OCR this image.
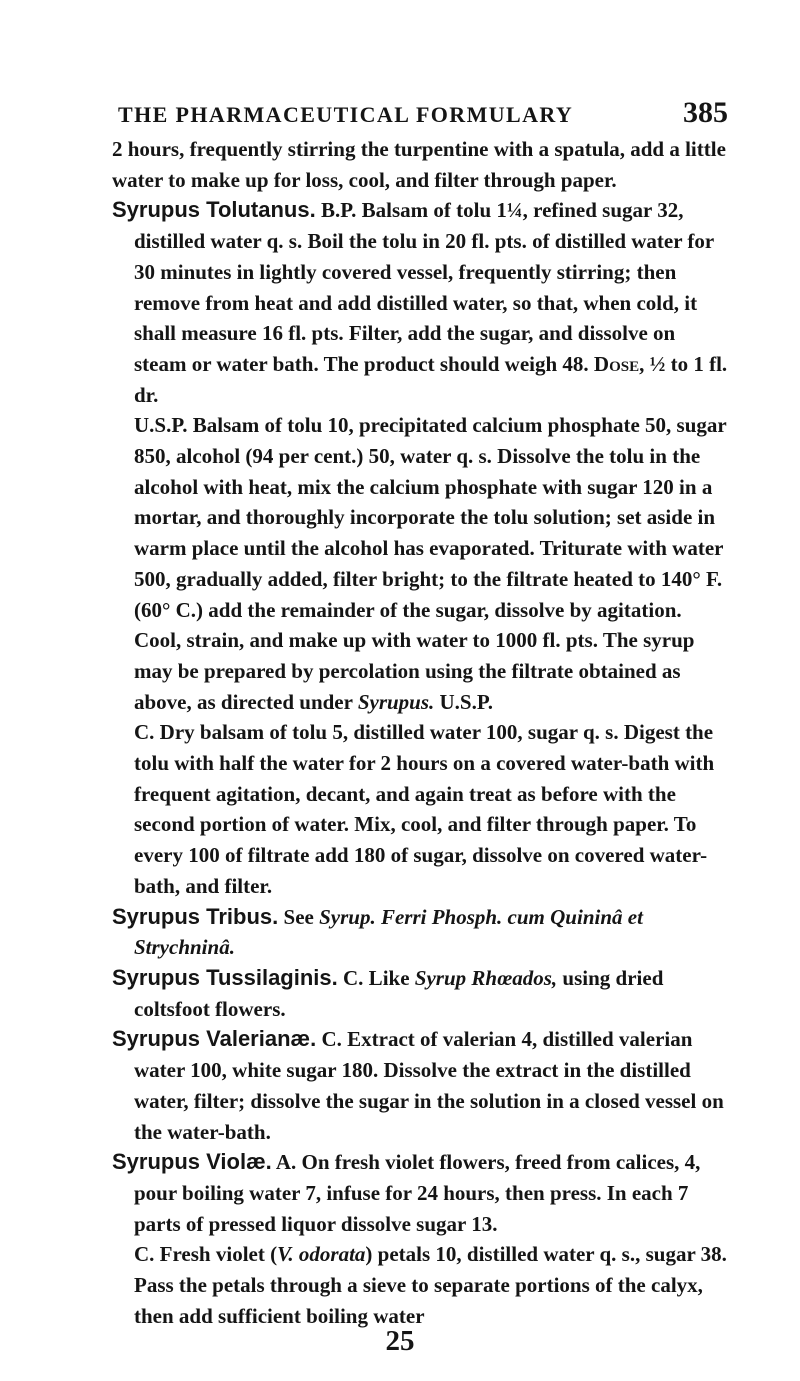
THE PHARMACEUTICAL FORMULARY	385

2 hours, frequently stirring the turpentine with a spatula, add a little water to make up for loss, cool, and filter through paper.

Syrupus Tolutanus. B.P. Balsam of tolu 1¼, refined sugar 32, distilled water q. s. Boil the tolu in 20 fl. pts. of distilled water for 30 minutes in lightly covered vessel, frequently stirring; then remove from heat and add distilled water, so that, when cold, it shall measure 16 fl. pts. Filter, add the sugar, and dissolve on steam or water bath. The product should weigh 48. Dose, ½ to 1 fl. dr.

U.S.P. Balsam of tolu 10, precipitated calcium phosphate 50, sugar 850, alcohol (94 per cent.) 50, water q. s. Dissolve the tolu in the alcohol with heat, mix the calcium phosphate with sugar 120 in a mortar, and thoroughly incorporate the tolu solution; set aside in warm place until the alcohol has evaporated. Triturate with water 500, gradually added, filter bright; to the filtrate heated to 140° F. (60° C.) add the remainder of the sugar, dissolve by agitation. Cool, strain, and make up with water to 1000 fl. pts. The syrup may be prepared by percolation using the filtrate obtained as above, as directed under Syrupus. U.S.P.

C. Dry balsam of tolu 5, distilled water 100, sugar q. s. Digest the tolu with half the water for 2 hours on a covered water-bath with frequent agitation, decant, and again treat as before with the second portion of water. Mix, cool, and filter through paper. To every 100 of filtrate add 180 of sugar, dissolve on covered water-bath, and filter.

Syrupus Tribus. See Syrup. Ferri Phosph. cum Quininâ et Strychninâ.

Syrupus Tussilaginis. C. Like Syrup Rhœados, using dried coltsfoot flowers.

Syrupus Valerianæ. C. Extract of valerian 4, distilled valerian water 100, white sugar 180. Dissolve the extract in the distilled water, filter; dissolve the sugar in the solution in a closed vessel on the water-bath.

Syrupus Violæ. A. On fresh violet flowers, freed from calices, 4, pour boiling water 7, infuse for 24 hours, then press. In each 7 parts of pressed liquor dissolve sugar 13.

C. Fresh violet (V. odorata) petals 10, distilled water q. s., sugar 38. Pass the petals through a sieve to separate portions of the calyx, then add sufficient boiling water

25
